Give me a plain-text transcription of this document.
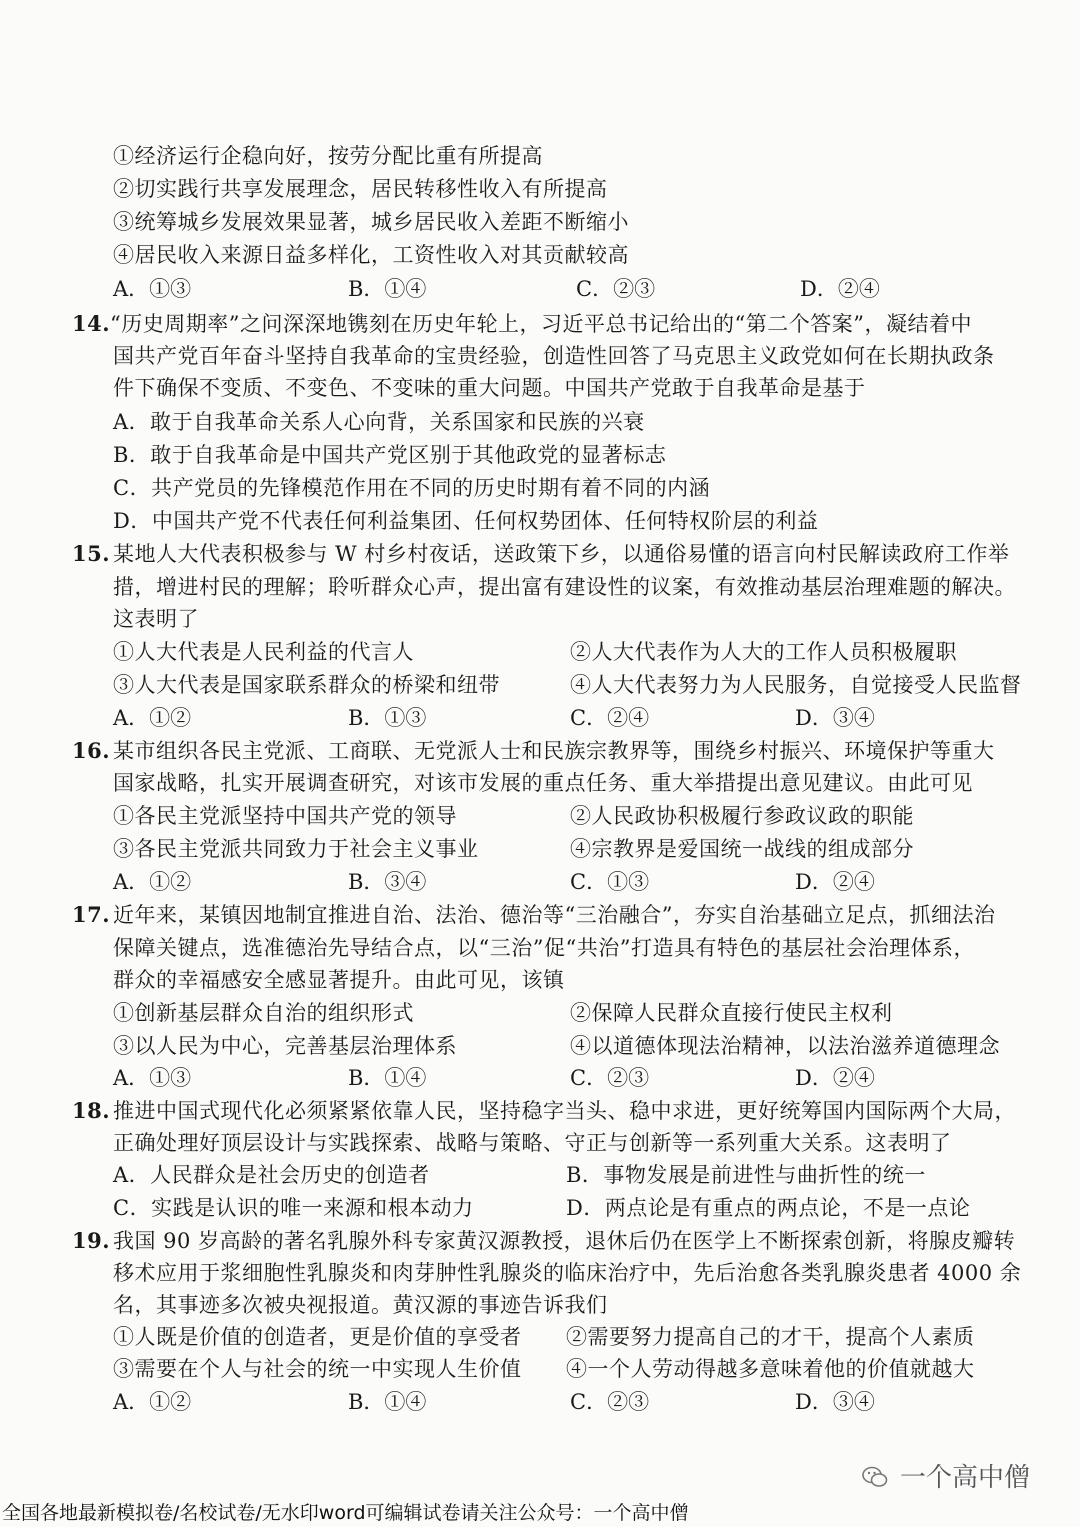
①经济运行企稳向好，按劳分配比重有所提高
②切实践行共享发展理念，居民转移性收入有所提高
③统筹城乡发展效果显著，城乡居民收入差距不断缩小
④居民收入来源日益多样化，工资性收入对其贡献较高
A．①③	B．①④	C．②③	D．②④
14. “历史周期率”之问深深地镌刻在历史年轮上，习近平总书记给出的“第二个答案”，凝结着中
国共产党百年奋斗坚持自我革命的宝贵经验，创造性回答了马克思主义政党如何在长期执政条
件下确保不变质、不变色、不变味的重大问题。中国共产党敢于自我革命是基于
A．敢于自我革命关系人心向背，关系国家和民族的兴衰
B．敢于自我革命是中国共产党区别于其他政党的显著标志
C．共产党员的先锋模范作用在不同的历史时期有着不同的内涵
D．中国共产党不代表任何利益集团、任何权势团体、任何特权阶层的利益
15. 某地人大代表积极参与 W 村乡村夜话，送政策下乡，以通俗易懂的语言向村民解读政府工作举
措，增进村民的理解；聆听群众心声，提出富有建设性的议案，有效推动基层治理难题的解决。
这表明了
①人大代表是人民利益的代言人	②人大代表作为人大的工作人员积极履职
③人大代表是国家联系群众的桥梁和纽带	④人大代表努力为人民服务，自觉接受人民监督
A．①②	B．①③	C．②④	D．③④
16. 某市组织各民主党派、工商联、无党派人士和民族宗教界等，围绕乡村振兴、环境保护等重大
国家战略，扎实开展调查研究，对该市发展的重点任务、重大举措提出意见建议。由此可见
①各民主党派坚持中国共产党的领导	②人民政协积极履行参政议政的职能
③各民主党派共同致力于社会主义事业	④宗教界是爱国统一战线的组成部分
A．①②	B．③④	C．①③	D．②④
17. 近年来，某镇因地制宜推进自治、法治、德治等“三治融合”，夯实自治基础立足点，抓细法治
保障关键点，选准德治先导结合点，以“三治”促“共治”打造具有特色的基层社会治理体系，
群众的幸福感安全感显著提升。由此可见，该镇
①创新基层群众自治的组织形式	②保障人民群众直接行使民主权利
③以人民为中心，完善基层治理体系	④以道德体现法治精神，以法治滋养道德理念
A．①③	B．①④	C．②③	D．②④
18. 推进中国式现代化必须紧紧依靠人民，坚持稳字当头、稳中求进，更好统筹国内国际两个大局，
正确处理好顶层设计与实践探索、战略与策略、守正与创新等一系列重大关系。这表明了
A．人民群众是社会历史的创造者	B．事物发展是前进性与曲折性的统一
C．实践是认识的唯一来源和根本动力	D．两点论是有重点的两点论，不是一点论
19. 我国 90 岁高龄的著名乳腺外科专家黄汉源教授，退休后仍在医学上不断探索创新，将腺皮瓣转
移术应用于浆细胞性乳腺炎和肉芽肿性乳腺炎的临床治疗中，先后治愈各类乳腺炎患者 4000 余
名，其事迹多次被央视报道。黄汉源的事迹告诉我们
①人既是价值的创造者，更是价值的享受者 ②需要努力提高自己的才干，提高个人素质
③需要在个人与社会的统一中实现人生价值 ④一个人劳动得越多意味着他的价值就越大
A．①②	B．①④	C．②③	D．③④
一个高中僧
全国各地最新模拟卷/名校试卷/无水印word可编辑试卷请关注公众号：一个高中僧
